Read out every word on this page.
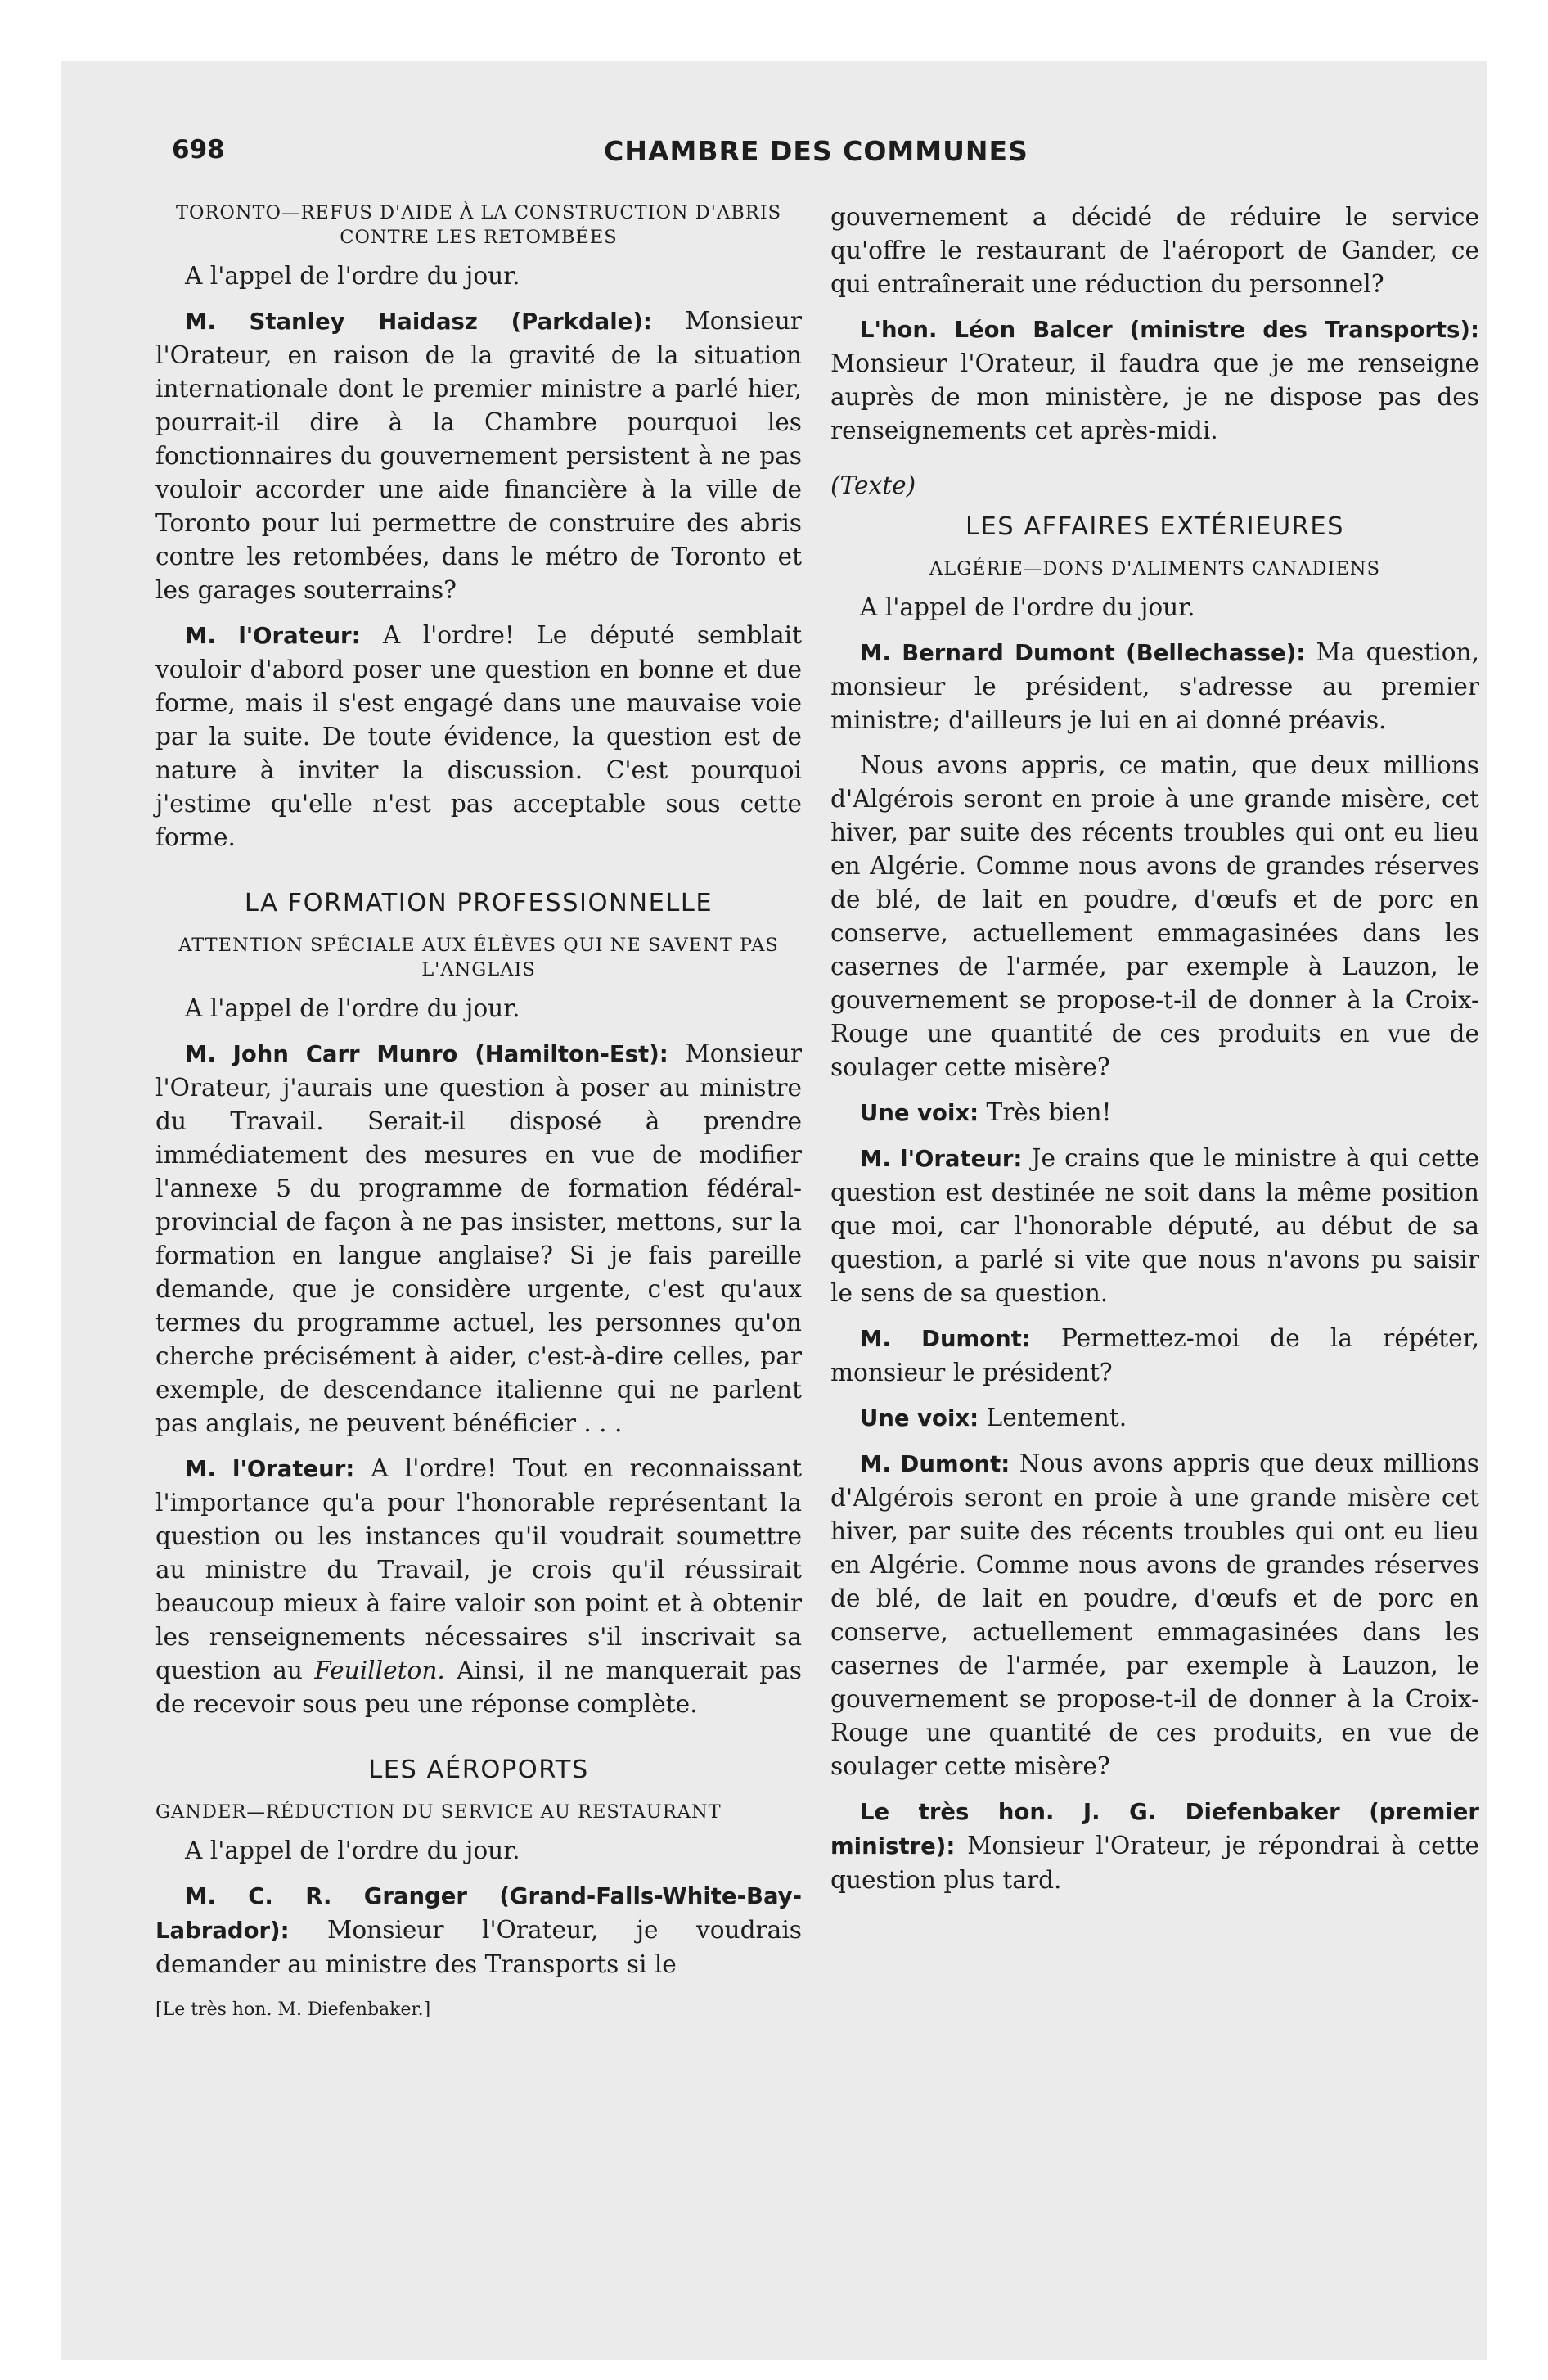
698	CHAMBRE DES COMMUNES
TORONTO—REFUS D'AIDE À LA CONSTRUCTION D'ABRIS CONTRE LES RETOMBÉES

A l'appel de l'ordre du jour.

M. Stanley Haidasz (Parkdale): Monsieur l'Orateur, en raison de la gravité de la situation internationale dont le premier ministre a parlé hier, pourrait-il dire à la Chambre pourquoi les fonctionnaires du gouvernement persistent à ne pas vouloir accorder une aide financière à la ville de Toronto pour lui permettre de construire des abris contre les retombées, dans le métro de Toronto et les garages souterrains?

M. l'Orateur: A l'ordre! Le député semblait vouloir d'abord poser une question en bonne et due forme, mais il s'est engagé dans une mauvaise voie par la suite. De toute évidence, la question est de nature à inviter la discussion. C'est pourquoi j'estime qu'elle n'est pas acceptable sous cette forme.

LA FORMATION PROFESSIONNELLE
ATTENTION SPÉCIALE AUX ÉLÈVES QUI NE SAVENT PAS L'ANGLAIS

A l'appel de l'ordre du jour.

M. John Carr Munro (Hamilton-Est): Monsieur l'Orateur, j'aurais une question à poser au ministre du Travail. Serait-il disposé à prendre immédiatement des mesures en vue de modifier l'annexe 5 du programme de formation fédéral-provincial de façon à ne pas insister, mettons, sur la formation en langue anglaise? Si je fais pareille demande, que je considère urgente, c'est qu'aux termes du programme actuel, les personnes qu'on cherche précisément à aider, c'est-à-dire celles, par exemple, de descendance italienne qui ne parlent pas anglais, ne peuvent bénéficier . . .

M. l'Orateur: A l'ordre! Tout en reconnaissant l'importance qu'a pour l'honorable représentant la question ou les instances qu'il voudrait soumettre au ministre du Travail, je crois qu'il réussirait beaucoup mieux à faire valoir son point et à obtenir les renseignements nécessaires s'il inscrivait sa question au Feuilleton. Ainsi, il ne manquerait pas de recevoir sous peu une réponse complète.

LES AÉROPORTS
GANDER—RÉDUCTION DU SERVICE AU RESTAURANT

A l'appel de l'ordre du jour.

M. C. R. Granger (Grand-Falls-White-Bay-Labrador): Monsieur l'Orateur, je voudrais demander au ministre des Transports si le

[Le très hon. M. Diefenbaker.]

gouvernement a décidé de réduire le service qu'offre le restaurant de l'aéroport de Gander, ce qui entraînerait une réduction du personnel?

L'hon. Léon Balcer (ministre des Transports): Monsieur l'Orateur, il faudra que je me renseigne auprès de mon ministère, je ne dispose pas des renseignements cet après-midi.

(Texte)
LES AFFAIRES EXTÉRIEURES
ALGÉRIE—DONS D'ALIMENTS CANADIENS

A l'appel de l'ordre du jour.

M. Bernard Dumont (Bellechasse): Ma question, monsieur le président, s'adresse au premier ministre; d'ailleurs je lui en ai donné préavis.

Nous avons appris, ce matin, que deux millions d'Algérois seront en proie à une grande misère, cet hiver, par suite des récents troubles qui ont eu lieu en Algérie. Comme nous avons de grandes réserves de blé, de lait en poudre, d'œufs et de porc en conserve, actuellement emmagasinées dans les casernes de l'armée, par exemple à Lauzon, le gouvernement se propose-t-il de donner à la Croix-Rouge une quantité de ces produits en vue de soulager cette misère?

Une voix: Très bien!

M. l'Orateur: Je crains que le ministre à qui cette question est destinée ne soit dans la même position que moi, car l'honorable député, au début de sa question, a parlé si vite que nous n'avons pu saisir le sens de sa question.

M. Dumont: Permettez-moi de la répéter, monsieur le président?

Une voix: Lentement.

M. Dumont: Nous avons appris que deux millions d'Algérois seront en proie à une grande misère cet hiver, par suite des récents troubles qui ont eu lieu en Algérie. Comme nous avons de grandes réserves de blé, de lait en poudre, d'œufs et de porc en conserve, actuellement emmagasinées dans les casernes de l'armée, par exemple à Lauzon, le gouvernement se propose-t-il de donner à la Croix-Rouge une quantité de ces produits, en vue de soulager cette misère?

Le très hon. J. G. Diefenbaker (premier ministre): Monsieur l'Orateur, je répondrai à cette question plus tard.
